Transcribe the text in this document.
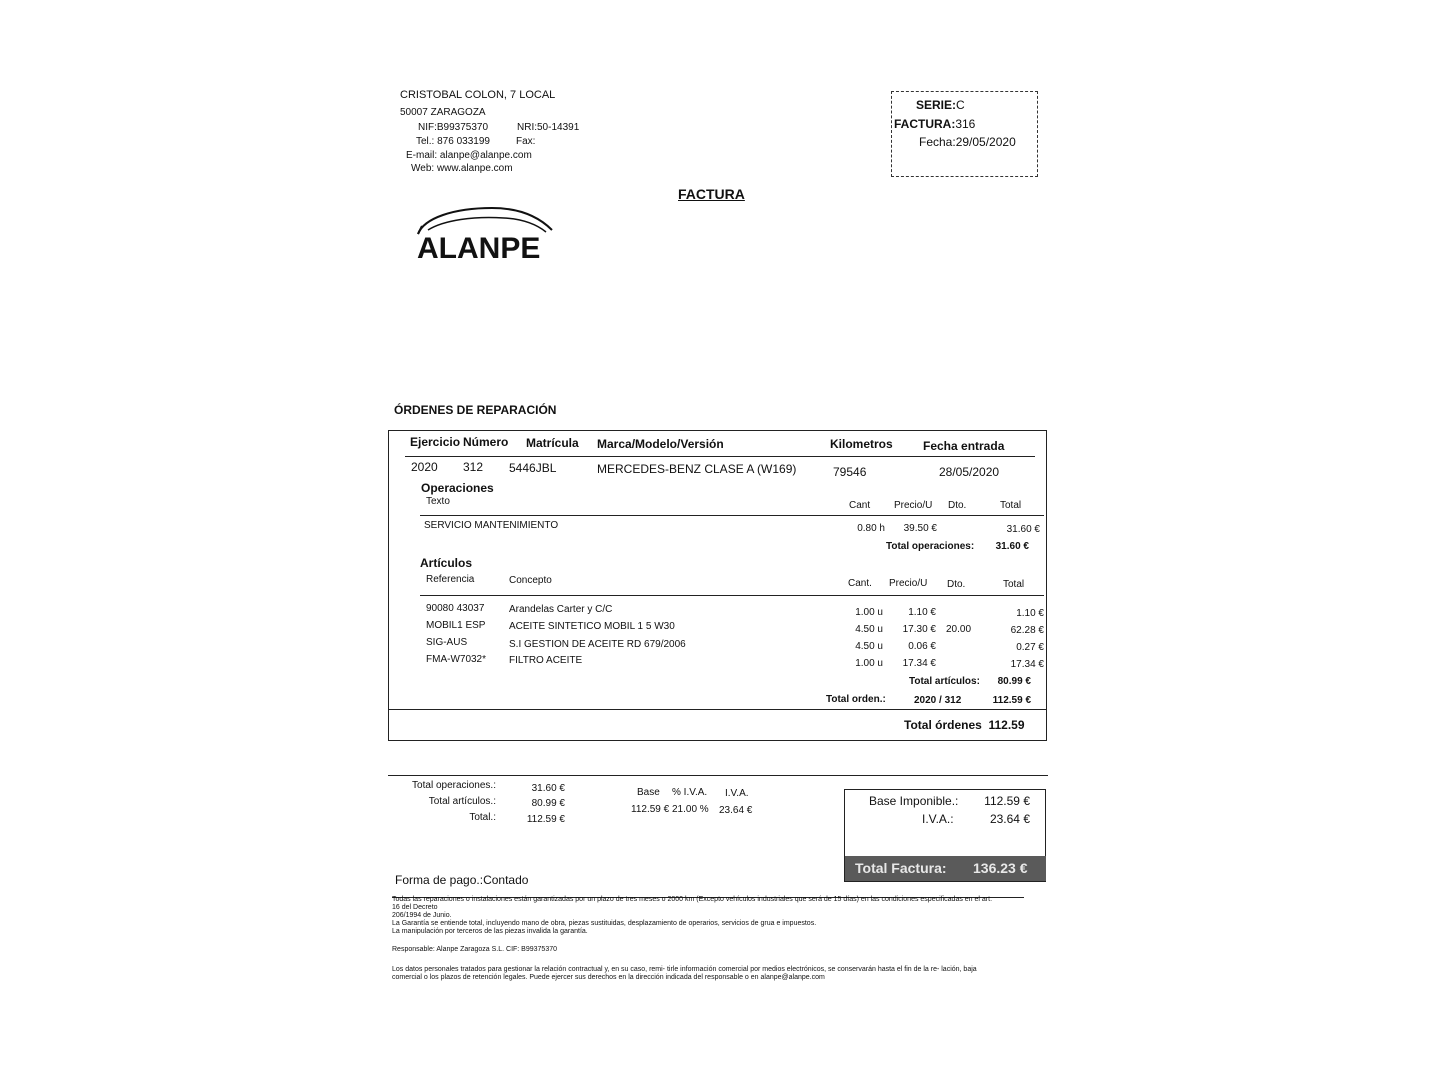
CRISTOBAL COLON, 7 LOCAL
50007 ZARAGOZA
NIF:B99375370	NRI:50-14391
Tel.: 876 033199	Fax:
E-mail: alanpe@alanpe.com
Web: www.alanpe.com
SERIE:C
FACTURA:316
Fecha:29/05/2020
FACTURA
ALANPE
ÓRDENES DE REPARACIÓN
Ejercicio Número Matrícula Marca/Modelo/Versión	Kilometros	Fecha entrada
2020 312 5446JBL	MERCEDES-BENZ CLASE A (W169)	79546	28/05/2020
Operaciones
Texto	Cant Precio/U Dto.	Total
SERVICIO MANTENIMIENTO	0.80 h	39.50 €	31.60 €
Total operaciones:	31.60 €
Artículos
Referencia	Concepto	Cant. Precio/U Dto.	Total
90080 43037 Arandelas Carter y C/C	1.00 u	1.10 €	1.10 €
MOBIL1 ESP ACEITE SINTETICO MOBIL 1 5 W30	4.50 u	17.30 € 20.00	62.28 €
SIG-AUS	S.I GESTION DE ACEITE RD 679/2006	4.50 u	0.06 €	0.27 €
FMA-W7032* FILTRO ACEITE	1.00 u	17.34 €	17.34 €
Total artículos:	80.99 €
Total orden.:	2020 / 312	112.59 €
Total órdenes 112.59
Total operaciones.:	31.60 €
Total artículos.:	80.99 €
Total.:	112.59 €
Base % I.V.A. I.V.A.
112.59 € 21.00 % 23.64 €
Base Imponible.:	112.59 €
I.V.A.:	23.64 €
Total Factura: 136.23 €
Forma de pago.:Contado
Todas las reparaciones o instalaciones están garantizadas por un plazo de tres meses o 2000 km (Excepto vehículos industriales que será de 15 días) en las condiciones especificadas en el art.
16 del Decreto
206/1994 de Junio.
La Garantía se entiende total, incluyendo mano de obra, piezas sustituidas, desplazamiento de operarios, servicios de grua e impuestos.
La manipulación por terceros de las piezas invalida la garantía.
Responsable: Alanpe Zaragoza S.L. CIF: B99375370
Los datos personales tratados para gestionar la relación contractual y, en su caso, remi- tirle información comercial por medios electrónicos, se conservarán hasta el fin de la re- lación, baja
comercial o los plazos de retención legales. Puede ejercer sus derechos en la dirección indicada del responsable o en alanpe@alanpe.com
